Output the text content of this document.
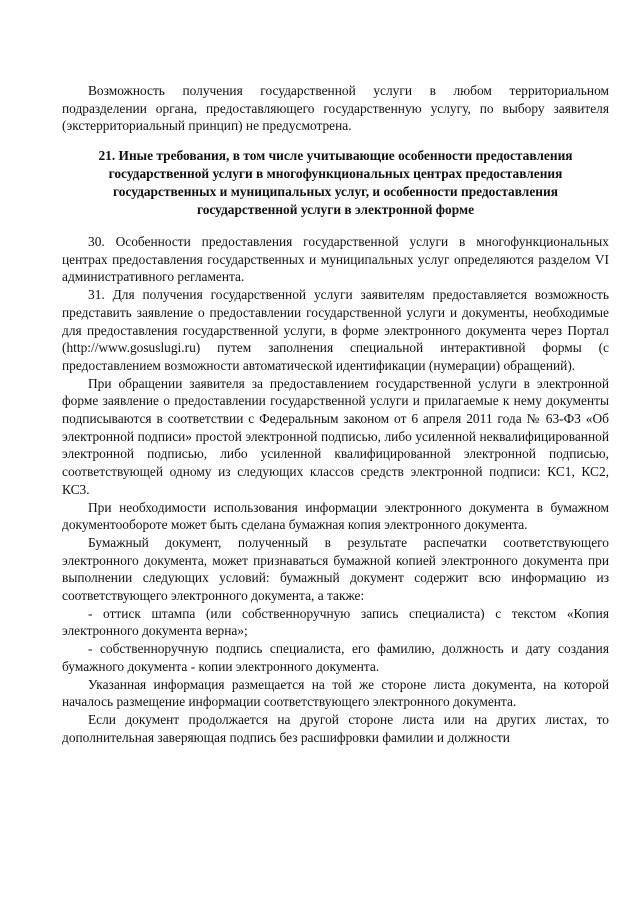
Возможность получения государственной услуги в любом территориальном подразделении органа, предоставляющего государственную услугу, по выбору заявителя (экстерриториальный принцип) не предусмотрена.

21. Иные требования, в том числе учитывающие особенности предоставления государственной услуги в многофункциональных центрах предоставления государственных и муниципальных услуг, и особенности предоставления государственной услуги в электронной форме

30. Особенности предоставления государственной услуги в многофункциональных центрах предоставления государственных и муниципальных услуг определяются разделом VI административного регламента.

31. Для получения государственной услуги заявителям предоставляется возможность представить заявление о предоставлении государственной услуги и документы, необходимые для предоставления государственной услуги, в форме электронного документа через Портал (http://www.gosuslugi.ru) путем заполнения специальной интерактивной формы (с предоставлением возможности автоматической идентификации (нумерации) обращений).

При обращении заявителя за предоставлением государственной услуги в электронной форме заявление о предоставлении государственной услуги и прилагаемые к нему документы подписываются в соответствии с Федеральным законом от 6 апреля 2011 года № 63-ФЗ «Об электронной подписи» простой электронной подписью, либо усиленной неквалифицированной электронной подписью, либо усиленной квалифицированной электронной подписью, соответствующей одному из следующих классов средств электронной подписи: КС1, КС2, КС3.

При необходимости использования информации электронного документа в бумажном документообороте может быть сделана бумажная копия электронного документа.

Бумажный документ, полученный в результате распечатки соответствующего электронного документа, может признаваться бумажной копией электронного документа при выполнении следующих условий: бумажный документ содержит всю информацию из соответствующего электронного документа, а также:

- оттиск штампа (или собственноручную запись специалиста) с текстом «Копия электронного документа верна»;

- собственноручную подпись специалиста, его фамилию, должность и дату создания бумажного документа - копии электронного документа.

Указанная информация размещается на той же стороне листа документа, на которой началось размещение информации соответствующего электронного документа.

Если документ продолжается на другой стороне листа или на других листах, то дополнительная заверяющая подпись без расшифровки фамилии и должности
